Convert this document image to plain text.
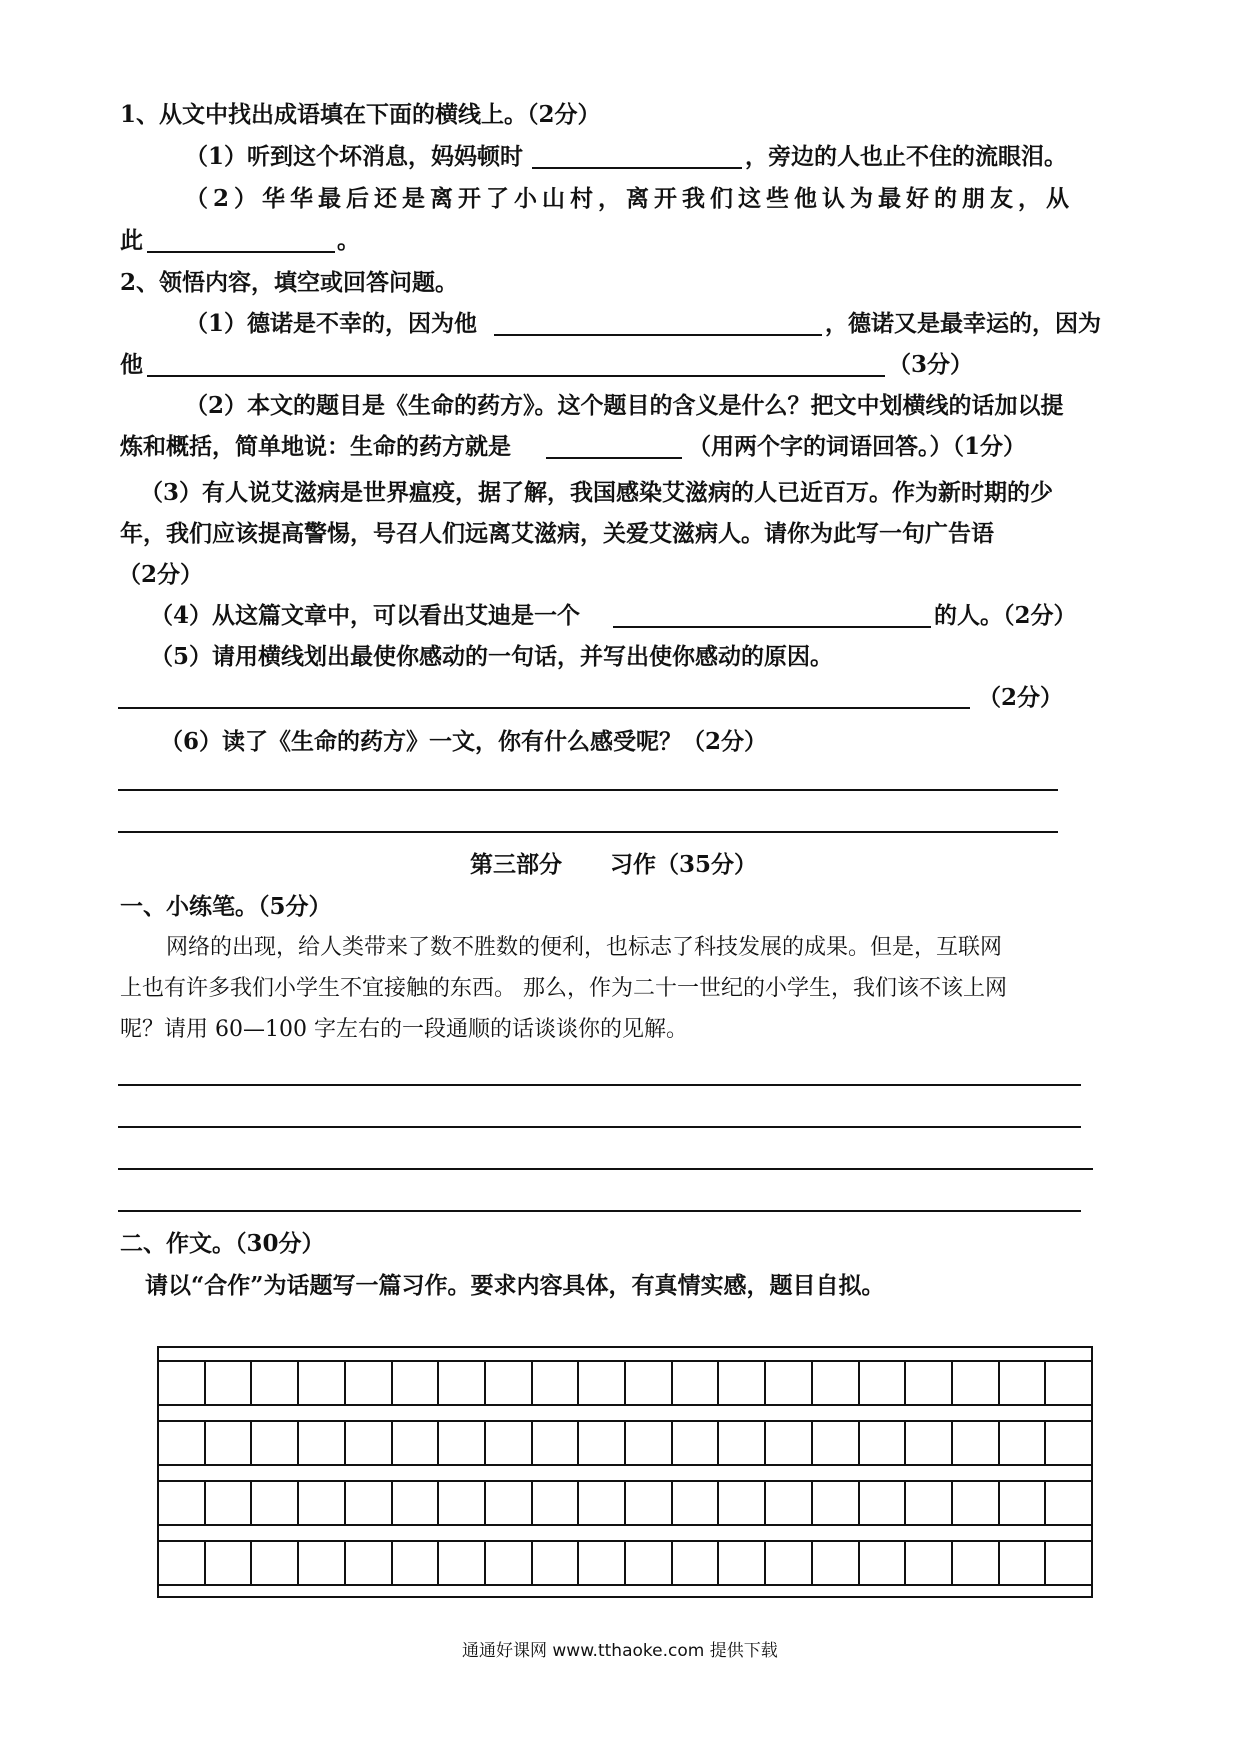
1、从文中找出成语填在下面的横线上。（2分）
（1）听到这个坏消息，妈妈顿时	，旁边的人也止不住的流眼泪。
（2）华华最后还是离开了小山村，离开我们这些他认为最好的朋友，从
此	。
2、领悟内容，填空或回答问题。
（1）德诺是不幸的，因为他	，德诺又是最幸运的，因为
他	（3分）
（2）本文的题目是《生命的药方》。这个题目的含义是什么？把文中划横线的话加以提
炼和概括，简单地说：生命的药方就是	（用两个字的词语回答。）（1分）
（3）有人说艾滋病是世界瘟疫，据了解，我国感染艾滋病的人已近百万。作为新时期的少
年，我们应该提高警惕，号召人们远离艾滋病，关爱艾滋病人。请你为此写一句广告语
（2分）
（4）从这篇文章中，可以看出艾迪是一个	的人。（2分）
（5）请用横线划出最使你感动的一句话，并写出使你感动的原因。
（2分）
（6）读了《生命的药方》一文，你有什么感受呢？（2分）
第三部分 习作（35分）
一、小练笔。（5分）
网络的出现，给人类带来了数不胜数的便利，也标志了科技发展的成果。但是，互联网
上也有许多我们小学生不宜接触的东西。 那么，作为二十一世纪的小学生，我们该不该上网
呢？请用 60—100 字左右的一段通顺的话谈谈你的见解。
二、作文。（30分）
请以“合作”为话题写一篇习作。要求内容具体，有真情实感，题目自拟。
通通好课网 www.tthaoke.com 提供下载
